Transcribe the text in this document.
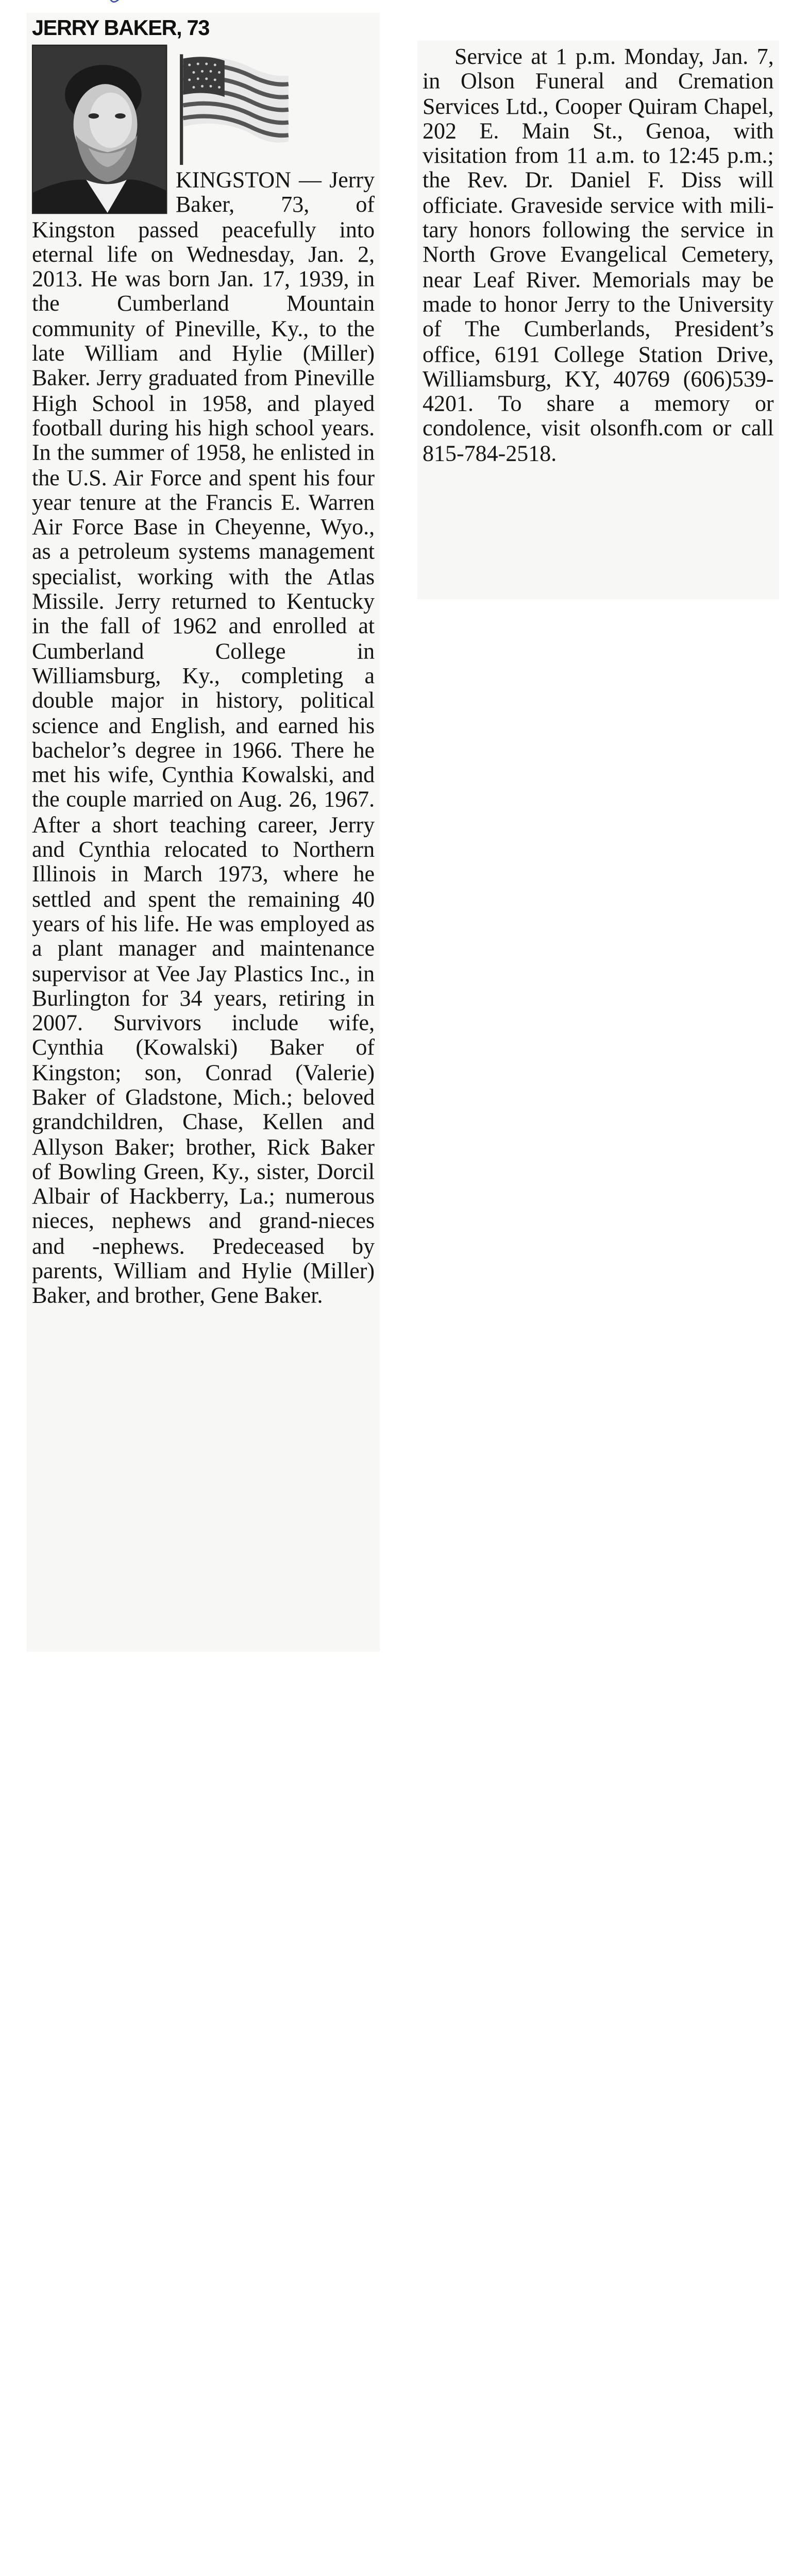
JERRY BAKER, 73

KINGSTON — Jerry Baker, 73, of Kingston passed peacefully into eternal life on Wednesday, Jan. 2, 2013. He was born Jan. 17, 1939, in the Cumberland Mountain community of Pineville, Ky., to the late William and Hylie (Miller) Baker. Jerry graduated from Pineville High School in 1958, and played football during his high school years. In the summer of 1958, he enlisted in the U.S. Air Force and spent his four year tenure at the Francis E. Warren Air Force Base in Cheyenne, Wyo., as a petroleum systems management specialist, working with the Atlas Missile. Jerry returned to Kentucky in the fall of 1962 and enrolled at Cumberland College in Williamsburg, Ky., completing a double major in history, political science and English, and earned his bachelor’s degree in 1966. There he met his wife, Cynthia Kowalski, and the couple married on Aug. 26, 1967. After a short teaching career, Jerry and Cynthia relocated to Northern Illinois in March 1973, where he settled and spent the remaining 40 years of his life. He was employed as a plant manager and maintenance supervisor at Vee Jay Plastics Inc., in Burlington for 34 years, retiring in 2007. Survivors include wife, Cynthia (Kowalski) Baker of Kingston; son, Conrad (Valerie) Baker of Gladstone, Mich.; beloved grandchildren, Chase, Kellen and Allyson Baker; brother, Rick Baker of Bowling Green, Ky., sister, Dorcil Albair of Hackberry, La.; numerous nieces, nephews and grand-nieces and -nephews. Predeceased by parents, William and Hylie (Miller) Baker, and brother, Gene Baker.

Service at 1 p.m. Monday, Jan. 7, in Olson Funeral and Cremation Services Ltd., Cooper Quiram Chapel, 202 E. Main St., Genoa, with visitation from 11 a.m. to 12:45 p.m.; the Rev. Dr. Daniel F. Diss will officiate. Graveside service with military honors following the service in North Grove Evangelical Cemetery, near Leaf River. Memorials may be made to honor Jerry to the University of The Cumberlands, President’s office, 6191 College Station Drive, Williamsburg, KY, 40769 (606)539-4201. To share a memory or condolence, visit olsonfh.com or call 815-784-2518.
